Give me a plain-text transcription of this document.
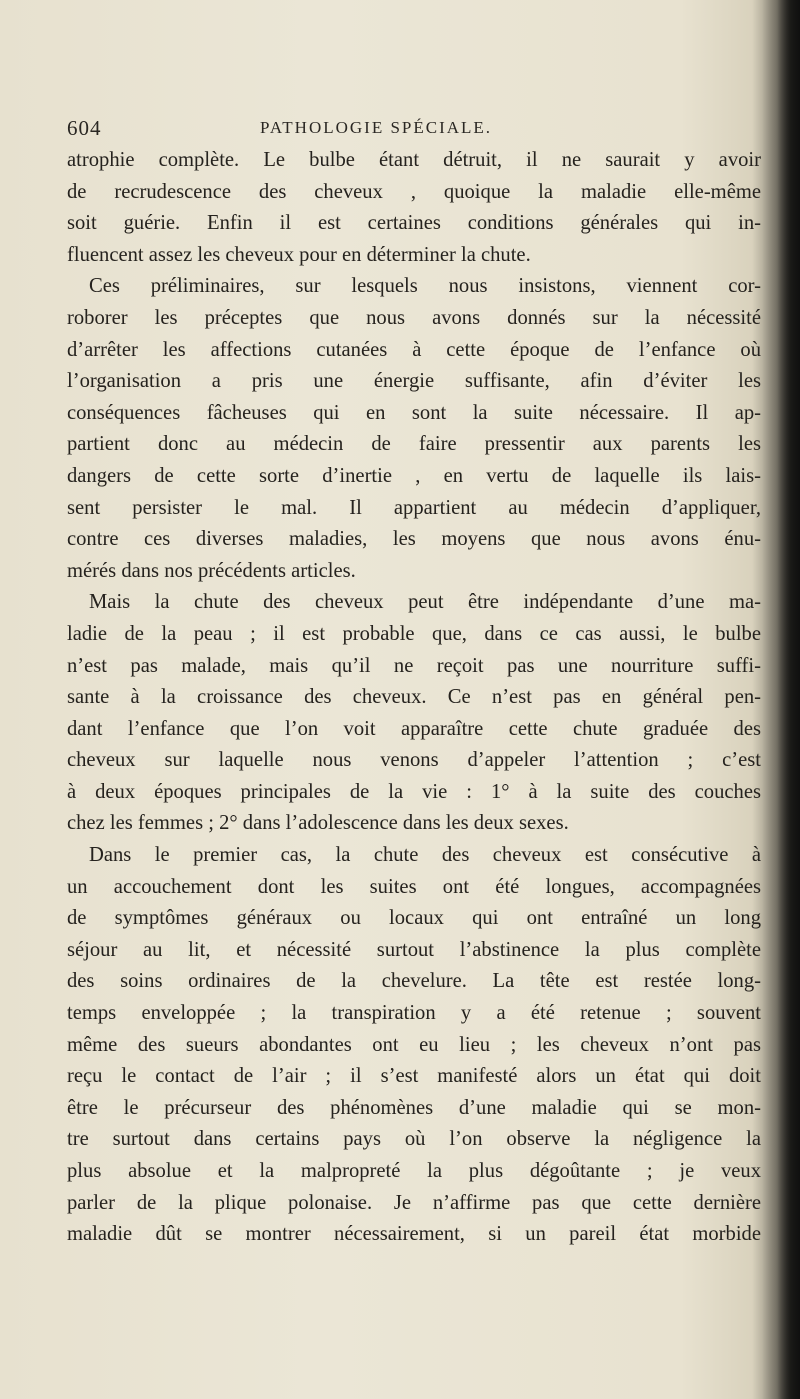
604	PATHOLOGIE SPÉCIALE.
atrophie complète. Le bulbe étant détruit, il ne saurait y avoir
de recrudescence des cheveux , quoique la maladie elle-même
soit guérie. Enfin il est certaines conditions générales qui in-
fluencent assez les cheveux pour en déterminer la chute.
Ces préliminaires, sur lesquels nous insistons, viennent cor-
roborer les préceptes que nous avons donnés sur la nécessité
d’arrêter les affections cutanées à cette époque de l’enfance où
l’organisation a pris une énergie suffisante, afin d’éviter les
conséquences fâcheuses qui en sont la suite nécessaire. Il ap-
partient donc au médecin de faire pressentir aux parents les
dangers de cette sorte d’inertie , en vertu de laquelle ils lais-
sent persister le mal. Il appartient au médecin d’appliquer,
contre ces diverses maladies, les moyens que nous avons énu-
mérés dans nos précédents articles.
Mais la chute des cheveux peut être indépendante d’une ma-
ladie de la peau ; il est probable que, dans ce cas aussi, le bulbe
n’est pas malade, mais qu’il ne reçoit pas une nourriture suffi-
sante à la croissance des cheveux. Ce n’est pas en général pen-
dant l’enfance que l’on voit apparaître cette chute graduée des
cheveux sur laquelle nous venons d’appeler l’attention ; c’est
à deux époques principales de la vie : 1° à la suite des couches
chez les femmes ; 2° dans l’adolescence dans les deux sexes.
Dans le premier cas, la chute des cheveux est consécutive à
un accouchement dont les suites ont été longues, accompagnées
de symptômes généraux ou locaux qui ont entraîné un long
séjour au lit, et nécessité surtout l’abstinence la plus complète
des soins ordinaires de la chevelure. La tête est restée long-
temps enveloppée ; la transpiration y a été retenue ; souvent
même des sueurs abondantes ont eu lieu ; les cheveux n’ont pas
reçu le contact de l’air ; il s’est manifesté alors un état qui doit
être le précurseur des phénomènes d’une maladie qui se mon-
tre surtout dans certains pays où l’on observe la négligence la
plus absolue et la malpropreté la plus dégoûtante ; je veux
parler de la plique polonaise. Je n’affirme pas que cette dernière
maladie dût se montrer nécessairement, si un pareil état morbide
